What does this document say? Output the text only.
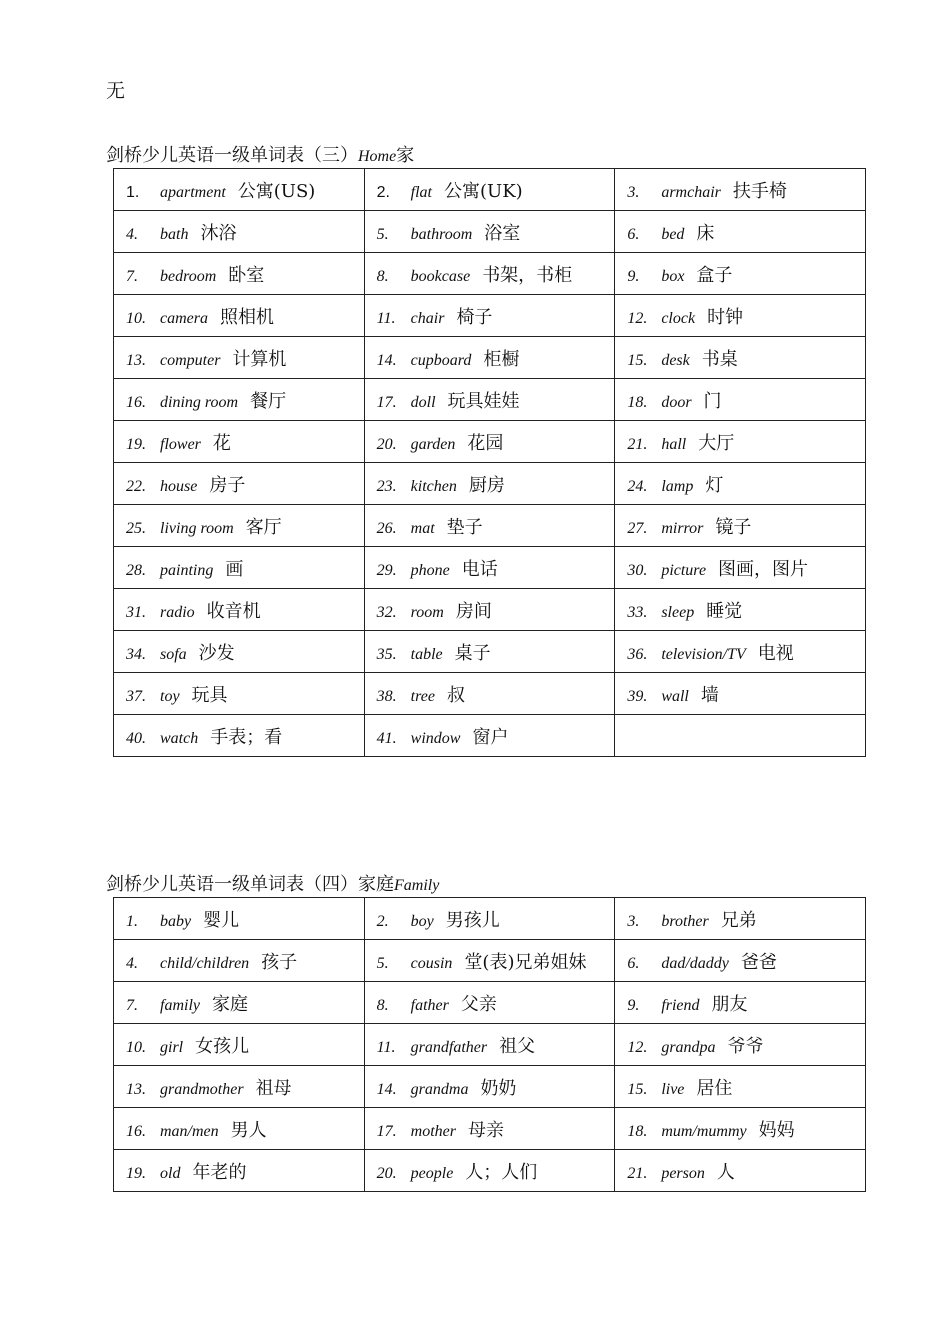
无
剑桥少儿英语一级单词表（三）Home家
1. apartment 公寓(US)	2. flat 公寓(UK)	3. armchair 扶手椅
4. bath 沐浴	5. bathroom 浴室	6. bed 床
7. bedroom 卧室	8. bookcase 书架，书柜	9. box 盒子
10. camera 照相机	11. chair 椅子	12. clock 时钟
13. computer 计算机	14. cupboard 柜橱	15. desk 书桌
16. dining room 餐厅	17. doll 玩具娃娃	18. door 门
19. flower 花	20. garden 花园	21. hall 大厅
22. house 房子	23. kitchen 厨房	24. lamp 灯
25. living room 客厅	26. mat 垫子	27. mirror 镜子
28. painting 画	29. phone 电话	30. picture 图画，图片
31. radio 收音机	32. room 房间	33. sleep 睡觉
34. sofa 沙发	35. table 桌子	36. television/TV 电视
37. toy 玩具	38. tree 叔	39. wall 墙
40. watch 手表；看	41. window 窗户	
剑桥少儿英语一级单词表（四）家庭Family
1. baby 婴儿	2. boy 男孩儿	3. brother 兄弟
4. child/children 孩子	5. cousin 堂(表)兄弟姐妹	6. dad/daddy 爸爸
7. family 家庭	8. father 父亲	9. friend 朋友
10. girl 女孩儿	11. grandfather 祖父	12. grandpa 爷爷
13. grandmother 祖母	14. grandma 奶奶	15. live 居住
16. man/men 男人	17. mother 母亲	18. mum/mummy 妈妈
19. old 年老的	20. people 人；人们	21. person 人
